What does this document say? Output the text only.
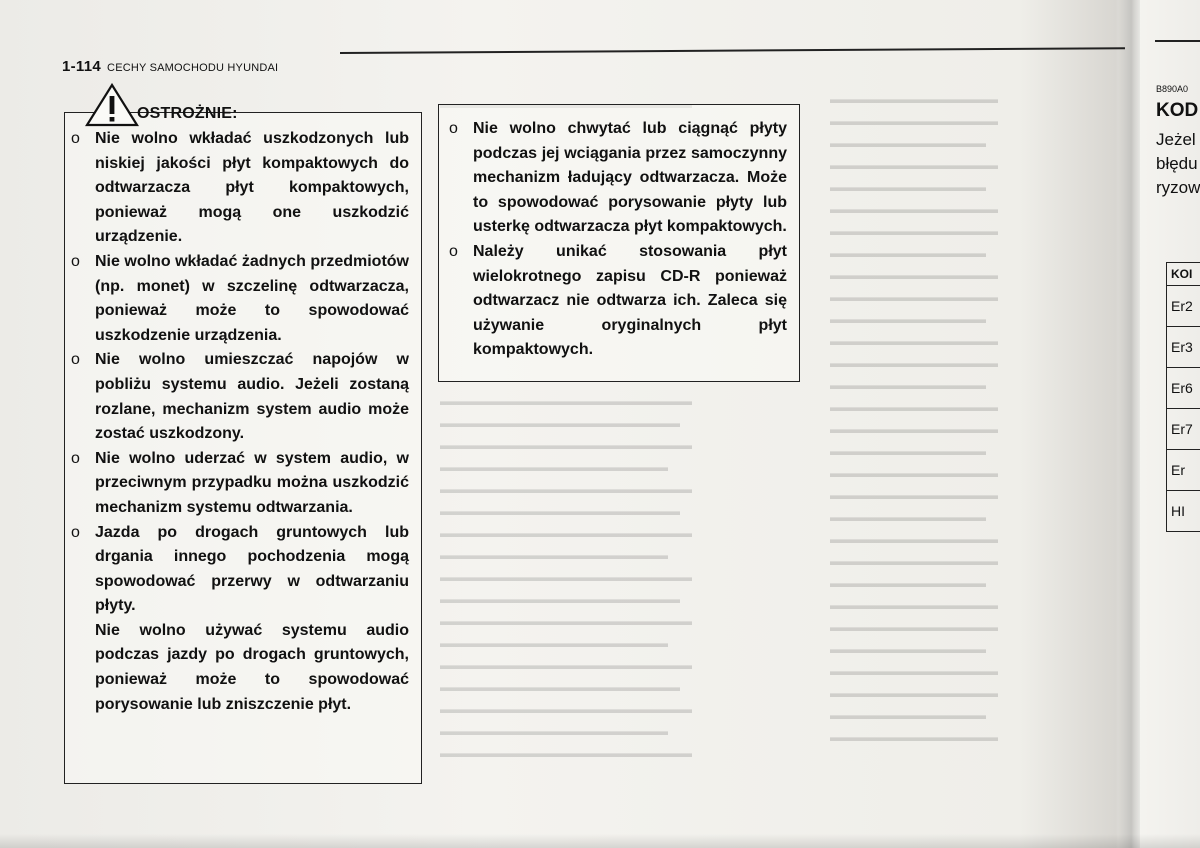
1-114 CECHY SAMOCHODU HYUNDAI
OSTROŻNIE:
o Nie wolno wkładać uszkodzonych lub niskiej jakości płyt kompaktowych do odtwarzacza płyt kompaktowych, ponieważ mogą one uszkodzić urządzenie.
o Nie wolno wkładać żadnych przedmiotów (np. monet) w szczelinę odtwarzacza, ponieważ może to spowodować uszkodzenie urządzenia.
o Nie wolno umieszczać napojów w pobliżu systemu audio. Jeżeli zostaną rozlane, mechanizm system audio może zostać uszkodzony.
o Nie wolno uderzać w system audio, w przeciwnym przypadku można uszkodzić mechanizm systemu odtwarzania.
o Jazda po drogach gruntowych lub drgania innego pochodzenia mogą spowodować przerwy w odtwarzaniu płyty.
Nie wolno używać systemu audio podczas jazdy po drogach gruntowych, ponieważ może to spowodować porysowanie lub zniszczenie płyt.
o Nie wolno chwytać lub ciągnąć płyty podczas jej wciągania przez samoczynny mechanizm ładujący odtwarzacza. Może to spowodować porysowanie płyty lub usterkę odtwarzacza płyt kompaktowych.
o Należy unikać stosowania płyt wielokrotnego zapisu CD-R ponieważ odtwarzacz nie odtwarza ich. Zaleca się używanie oryginalnych płyt kompaktowych.
B890A0
KOD
Jeżel
błędu
ryzow
KOI
Er2
Er3
Er6
Er7
Er
HI
